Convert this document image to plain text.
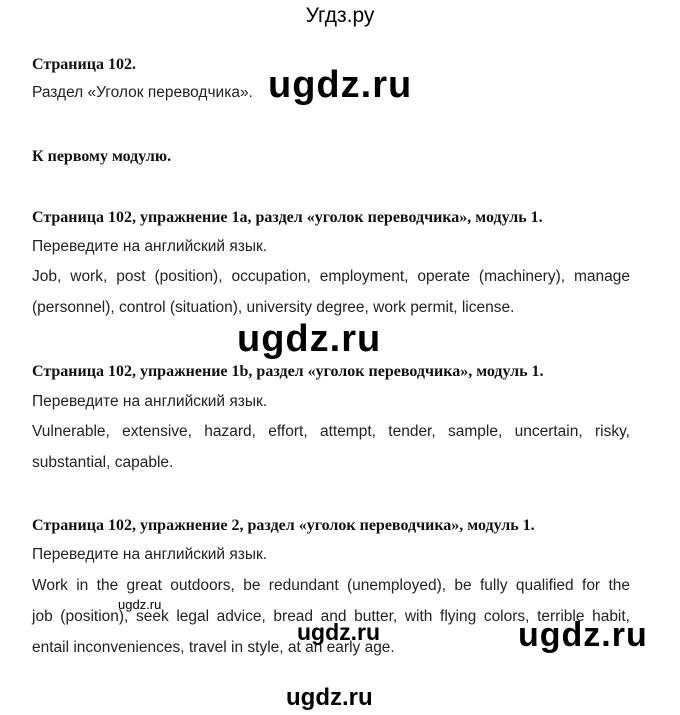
Угдз.ру
Страница 102.
Раздел «Уголок переводчика». ugdz.ru
К первому модулю.
Страница 102, упражнение 1a, раздел «уголок переводчика», модуль 1.
Переведите на английский язык.
Job, work, post (position), occupation, employment, operate (machinery), manage
(personnel), control (situation), university degree, work permit, license.
ugdz.ru
Страница 102, упражнение 1b, раздел «уголок переводчика», модуль 1.
Переведите на английский язык.
Vulnerable, extensive, hazard, effort, attempt, tender, sample, uncertain, risky,
substantial, capable.
Страница 102, упражнение 2, раздел «уголок переводчика», модуль 1.
Переведите на английский язык.
Work in the great outdoors, be redundant (unemployed), be fully qualified for the
job (position), seek legal advice, bread and butter, with flying colors, terrible habit,
entail inconveniences, travel in style, at an early age.
ugdz.ru
ugdz.ru	ugdz.ru
ugdz.ru
